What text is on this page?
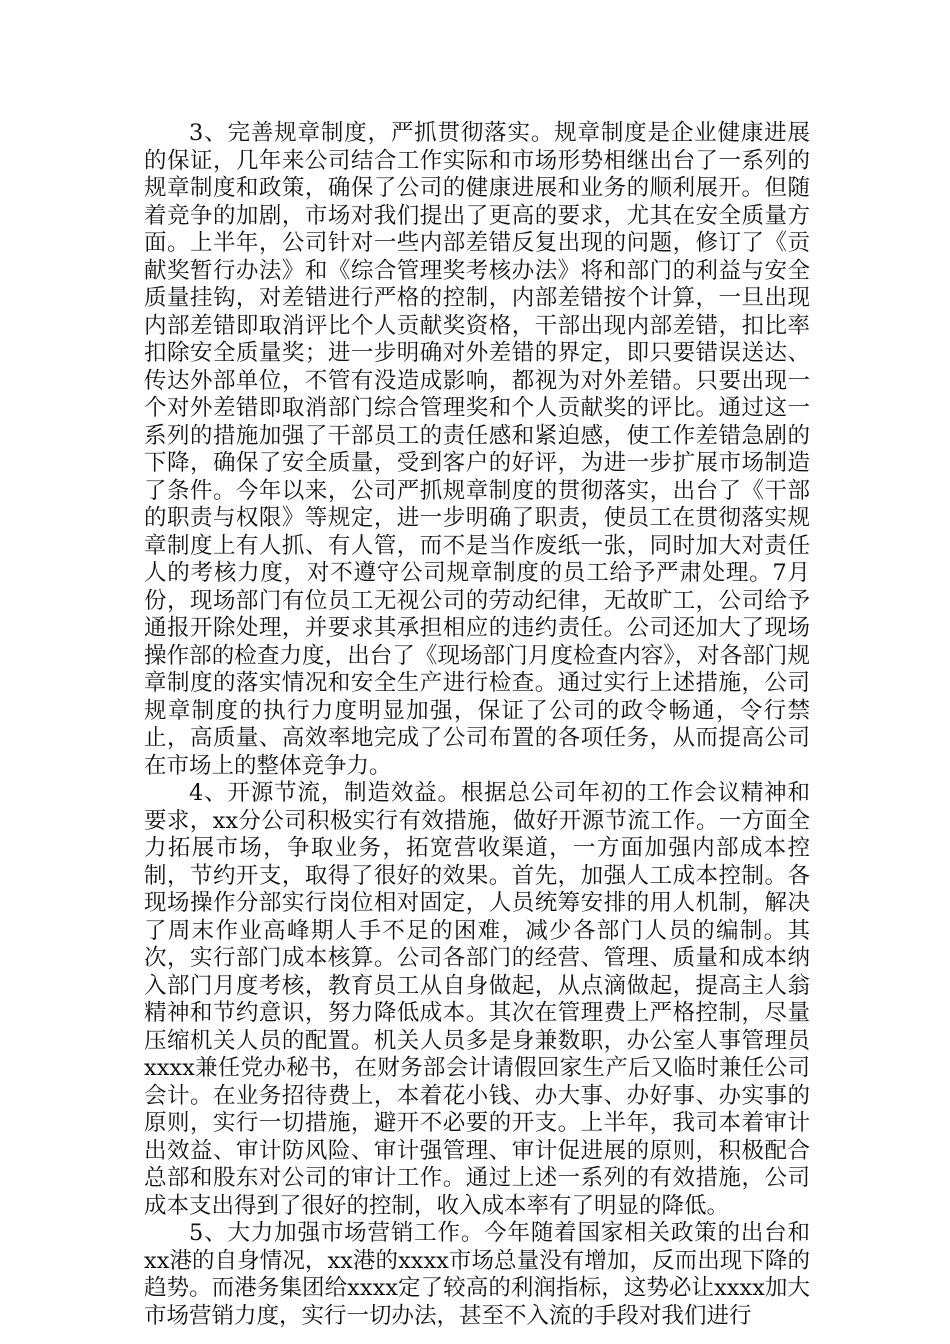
3、完善规章制度，严抓贯彻落实。规章制度是企业健康进展的保证，几年来公司结合工作实际和市场形势相继出台了一系列的规章制度和政策，确保了公司的健康进展和业务的顺利展开。但随着竞争的加剧，市场对我们提出了更高的要求，尤其在安全质量方面。上半年，公司针对一些内部差错反复出现的问题，修订了《贡献奖暂行办法》和《综合管理奖考核办法》将和部门的利益与安全质量挂钩，对差错进行严格的控制，内部差错按个计算，一旦出现内部差错即取消评比个人贡献奖资格，干部出现内部差错，扣比率扣除安全质量奖；进一步明确对外差错的界定，即只要错误送达、传达外部单位，不管有没造成影响，都视为对外差错。只要出现一个对外差错即取消部门综合管理奖和个人贡献奖的评比。通过这一系列的措施加强了干部员工的责任感和紧迫感，使工作差错急剧的下降，确保了安全质量，受到客户的好评，为进一步扩展市场制造了条件。今年以来，公司严抓规章制度的贯彻落实，出台了《干部的职责与权限》等规定，进一步明确了职责，使员工在贯彻落实规章制度上有人抓、有人管，而不是当作废纸一张，同时加大对责任人的考核力度，对不遵守公司规章制度的员工给予严肃处理。7月份，现场部门有位员工无视公司的劳动纪律，无故旷工，公司给予通报开除处理，并要求其承担相应的违约责任。公司还加大了现场操作部的检查力度，出台了《现场部门月度检查内容》，对各部门规章制度的落实情况和安全生产进行检查。通过实行上述措施，公司规章制度的执行力度明显加强，保证了公司的政令畅通，令行禁止，高质量、高效率地完成了公司布置的各项任务，从而提高公司在市场上的整体竞争力。

4、开源节流，制造效益。根据总公司年初的工作会议精神和要求，xx分公司积极实行有效措施，做好开源节流工作。一方面全力拓展市场，争取业务，拓宽营收渠道，一方面加强内部成本控制，节约开支，取得了很好的效果。首先，加强人工成本控制。各现场操作分部实行岗位相对固定，人员统筹安排的用人机制，解决了周末作业高峰期人手不足的困难，减少各部门人员的编制。其次，实行部门成本核算。公司各部门的经营、管理、质量和成本纳入部门月度考核，教育员工从自身做起，从点滴做起，提高主人翁精神和节约意识，努力降低成本。其次在管理费上严格控制，尽量压缩机关人员的配置。机关人员多是身兼数职，办公室人事管理员xxxx兼任党办秘书，在财务部会计请假回家生产后又临时兼任公司会计。在业务招待费上，本着花小钱、办大事、办好事、办实事的原则，实行一切措施，避开不必要的开支。上半年，我司本着审计出效益、审计防风险、审计强管理、审计促进展的原则，积极配合总部和股东对公司的审计工作。通过上述一系列的有效措施，公司成本支出得到了很好的控制，收入成本率有了明显的降低。

5、大力加强市场营销工作。今年随着国家相关政策的出台和xx港的自身情况，xx港的xxxx市场总量没有增加，反而出现下降的趋势。而港务集团给xxxx定了较高的利润指标，这势必让xxxx加大市场营销力度，实行一切办法，甚至不入流的手段对我们进行
